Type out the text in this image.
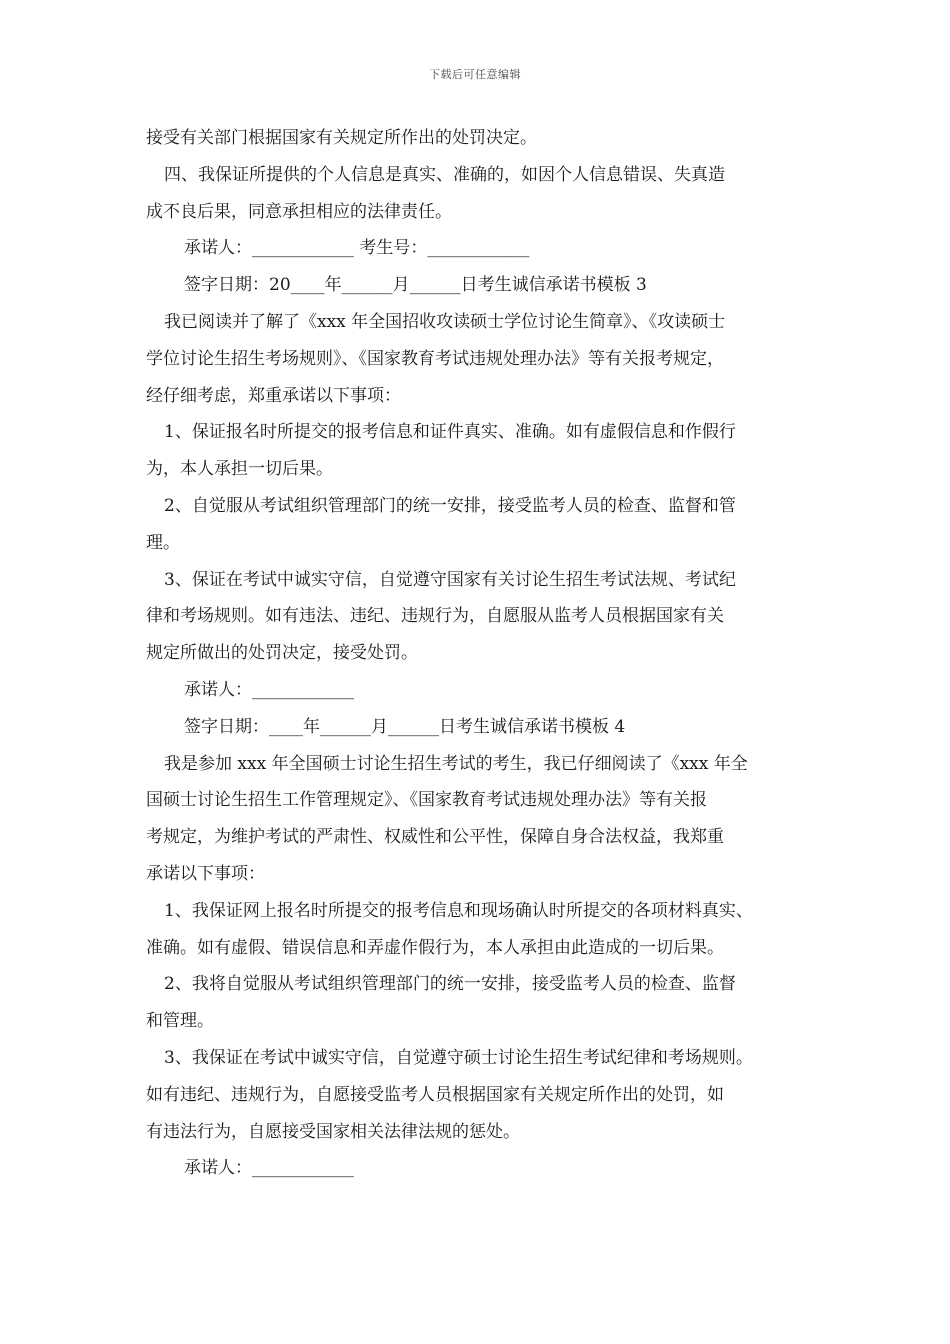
下载后可任意编辑

接受有关部门根据国家有关规定所作出的处罚决定。

四、我保证所提供的个人信息是真实、准确的，如因个人信息错误、失真造

成不良后果，同意承担相应的法律责任。

承诺人：____________ 考生号：____________

签字日期：20____年______月______日考生诚信承诺书模板 3

我已阅读并了解了《xxx 年全国招收攻读硕士学位讨论生简章》、《攻读硕士

学位讨论生招生考场规则》、《国家教育考试违规处理办法》等有关报考规定，

经仔细考虑，郑重承诺以下事项：

1、保证报名时所提交的报考信息和证件真实、准确。如有虚假信息和作假行

为，本人承担一切后果。

2、自觉服从考试组织管理部门的统一安排，接受监考人员的检查、监督和管

理。

3、保证在考试中诚实守信，自觉遵守国家有关讨论生招生考试法规、考试纪

律和考场规则。如有违法、违纪、违规行为，自愿服从监考人员根据国家有关

规定所做出的处罚决定，接受处罚。

承诺人：____________

签字日期：____年______月______日考生诚信承诺书模板 4

我是参加 xxx 年全国硕士讨论生招生考试的考生，我已仔细阅读了《xxx 年全

国硕士讨论生招生工作管理规定》、《国家教育考试违规处理办法》等有关报

考规定，为维护考试的严肃性、权威性和公平性，保障自身合法权益，我郑重

承诺以下事项：

1、我保证网上报名时所提交的报考信息和现场确认时所提交的各项材料真实、

准确。如有虚假、错误信息和弄虚作假行为，本人承担由此造成的一切后果。

2、我将自觉服从考试组织管理部门的统一安排，接受监考人员的检查、监督

和管理。

3、我保证在考试中诚实守信，自觉遵守硕士讨论生招生考试纪律和考场规则。

如有违纪、违规行为，自愿接受监考人员根据国家有关规定所作出的处罚，如

有违法行为，自愿接受国家相关法律法规的惩处。

承诺人：____________
